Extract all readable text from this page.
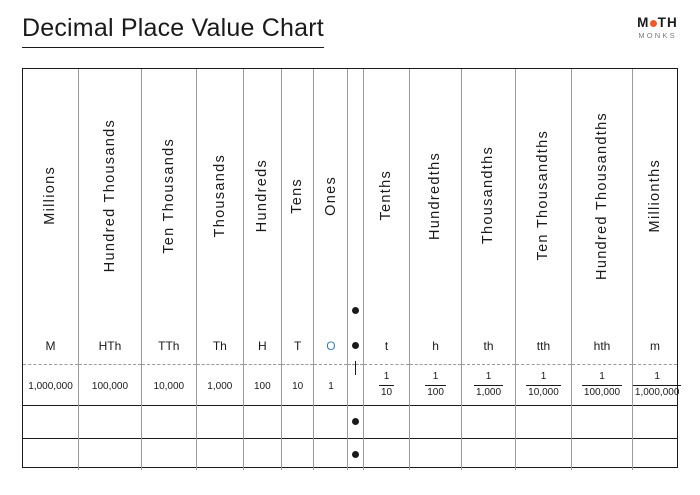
Decimal Place Value Chart	M TH
MONKS
Millions	Hundred Thousands	Ten Thousands	Thousands	Hundreds	Tens	Ones		Tenths	Hundredths	Thousandths	Ten Thousandths	Hundred Thousandths	Millionths
M	HTh	TTh	Th	H	T	O		t	h	th	tth	hth	m
1,000,000	100,000	10,000	1,000	100	10	1		$\frac{1}{10}$	$\frac{1}{100}$	$\frac{1}{1,000}$	$\frac{1}{10,000}$	$\frac{1}{100,000}$	$\frac{1}{1,000,000}$
